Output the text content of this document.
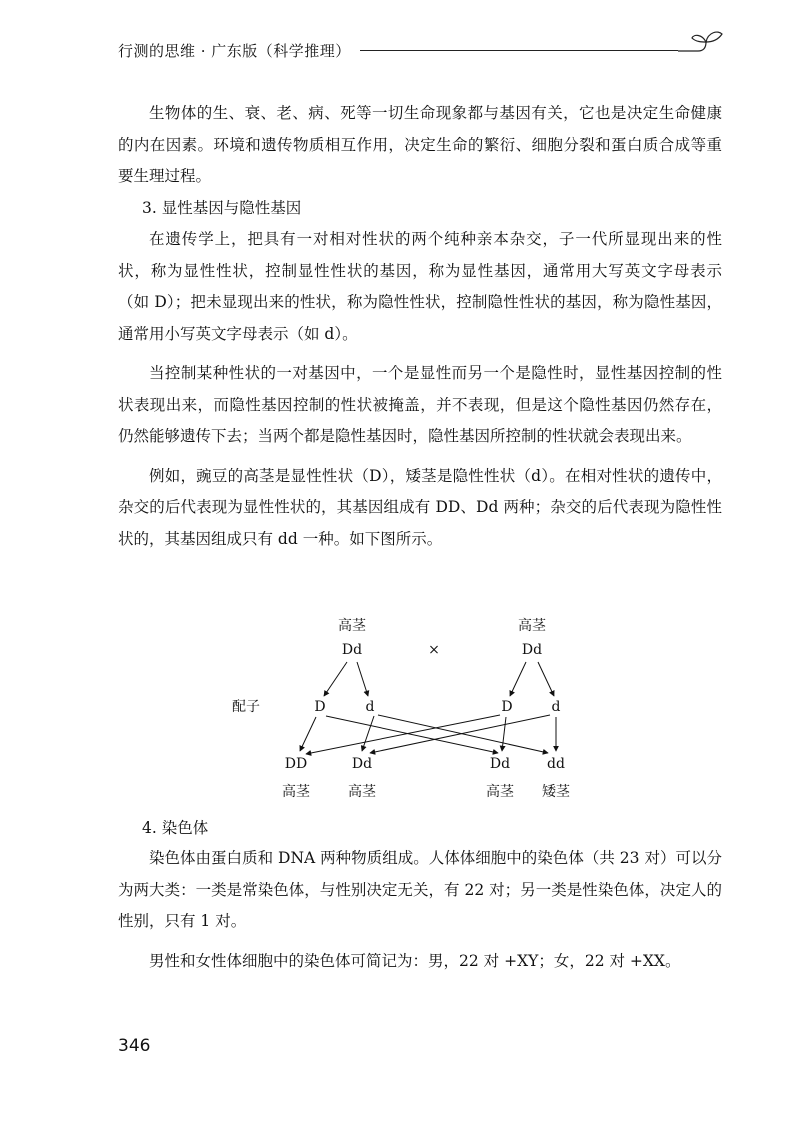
行测的思维 · 广东版（科学推理）

生物体的生、衰、老、病、死等一切生命现象都与基因有关，它也是决定生命健康的内在因素。环境和遗传物质相互作用，决定生命的繁衍、细胞分裂和蛋白质合成等重要生理过程。

3. 显性基因与隐性基因

在遗传学上，把具有一对相对性状的两个纯种亲本杂交，子一代所显现出来的性状，称为显性性状，控制显性性状的基因，称为显性基因，通常用大写英文字母表示（如 D）；把未显现出来的性状，称为隐性性状，控制隐性性状的基因，称为隐性基因，通常用小写英文字母表示（如 d）。

当控制某种性状的一对基因中，一个是显性而另一个是隐性时，显性基因控制的性状表现出来，而隐性基因控制的性状被掩盖，并不表现，但是这个隐性基因仍然存在，仍然能够遗传下去；当两个都是隐性基因时，隐性基因所控制的性状就会表现出来。

例如，豌豆的高茎是显性性状（D），矮茎是隐性性状（d）。在相对性状的遗传中，杂交的后代表现为显性性状的，其基因组成有 DD、Dd 两种；杂交的后代表现为隐性性状的，其基因组成只有 dd 一种。如下图所示。

高茎
Dd	×
高茎
Dd
配子	D	d	D	d
DD
高茎
Dd
高茎
Dd
高茎
dd
矮茎
4. 染色体

染色体由蛋白质和 DNA 两种物质组成。人体体细胞中的染色体（共 23 对）可以分为两大类：一类是常染色体，与性别决定无关，有 22 对；另一类是性染色体，决定人的性别，只有 1 对。

男性和女性体细胞中的染色体可简记为：男，22 对 +XY；女，22 对 +XX。

346
